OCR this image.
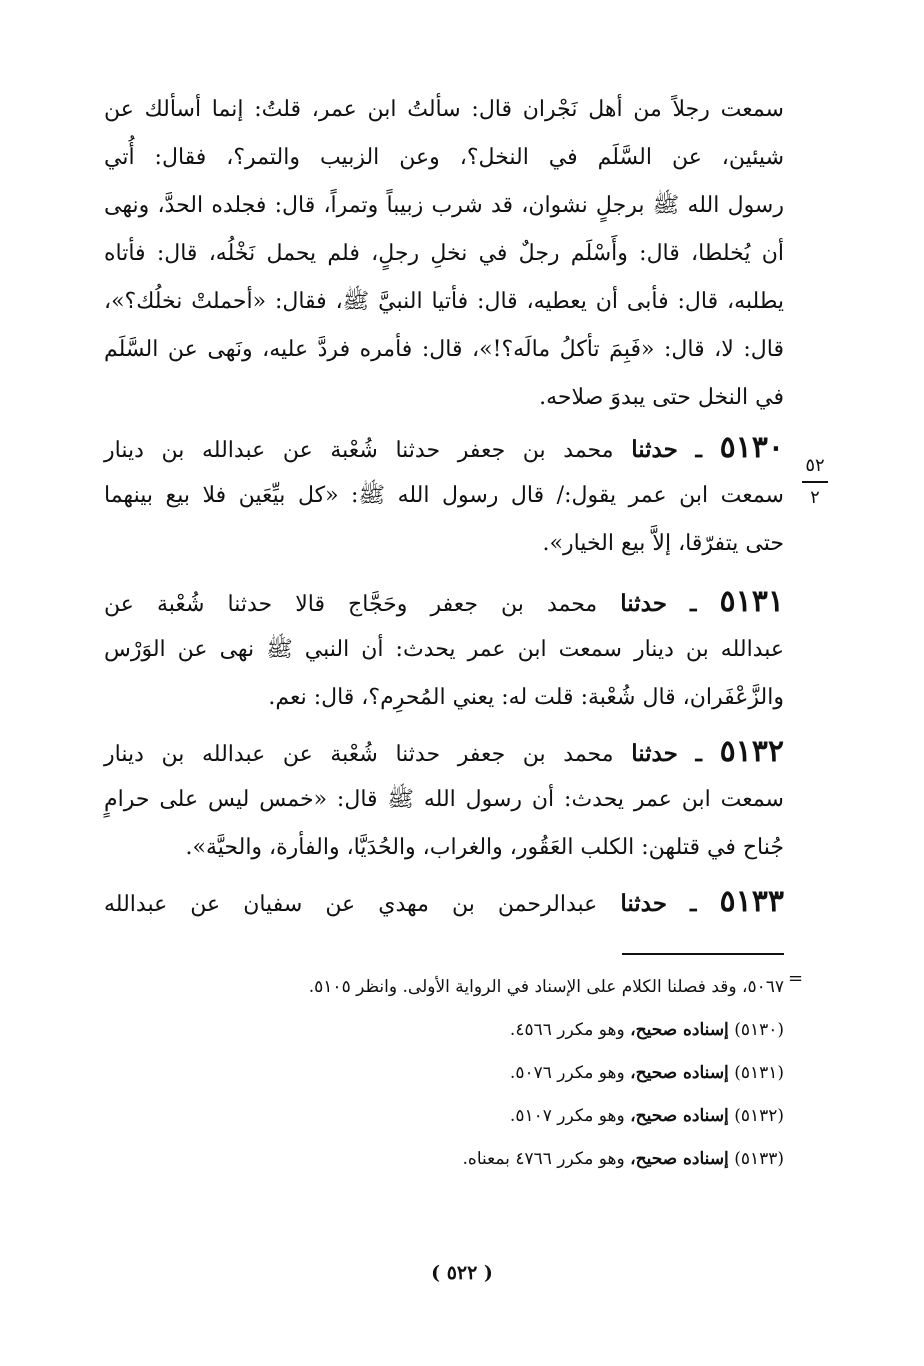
سمعت رجلاً من أهل نَجْران قال: سألتُ ابن عمر، قلتُ: إنما أسألك عن
شيئين، عن السَّلَم في النخل؟، وعن الزبيب والتمر؟، فقال: أُتي
رسول الله ﷺ برجلٍ نشوان، قد شرب زبيباً وتمراً، قال: فجلده الحدَّ، ونهى
أن يُخلطا، قال: وأَسْلَم رجلٌ في نخلِ رجلٍ، فلم يحمل نَخْلُه، قال: فأتاه
يطلبه، قال: فأبى أن يعطيه، قال: فأتيا النبيَّ ﷺ، فقال: «أحملتْ نخلُك؟»،
قال: لا، قال: «فَبِمَ تأكلُ مالَه؟!»، قال: فأمره فردَّ عليه، ونَهى عن السَّلَم
في النخل حتى يبدوَ صلاحه.
٥١٣٠ ـ حدثنا محمد بن جعفر حدثنا شُعْبة عن عبدالله بن دينار
سمعت ابن عمر يقول:/ قال رسول الله ﷺ: «كل بيِّعَين فلا بيع بينهما
حتى يتفرّقا، إلاَّ بيع الخيار».
٥٢
٢
٥١٣١ ـ حدثنا محمد بن جعفر وحَجَّاج قالا حدثنا شُعْبة عن
عبدالله بن دينار سمعت ابن عمر يحدث: أن النبي ﷺ نهى عن الوَرْس
والزَّعْفَران، قال شُعْبة: قلت له: يعني المُحرِم؟، قال: نعم.
٥١٣٢ ـ حدثنا محمد بن جعفر حدثنا شُعْبة عن عبدالله بن دينار
سمعت ابن عمر يحدث: أن رسول الله ﷺ قال: «خمس ليس على حرامٍ
جُناح في قتلهن: الكلب العَقُور، والغراب، والحُدَيَّا، والفأرة، والحيَّة».
٥١٣٣ ـ حدثنا عبدالرحمن بن مهدي عن سفيان عن عبدالله
=
٥٠٦٧، وقد فصلنا الكلام على الإسناد في الرواية الأولى. وانظر ٥١٠٥.
(٥١٣٠) إسناده صحيح، وهو مكرر ٤٥٦٦.
(٥١٣١) إسناده صحيح، وهو مكرر ٥٠٧٦.
(٥١٣٢) إسناده صحيح، وهو مكرر ٥١٠٧.
(٥١٣٣) إسناده صحيح، وهو مكرر ٤٧٦٦ بمعناه.
( ٥٢٢ )
